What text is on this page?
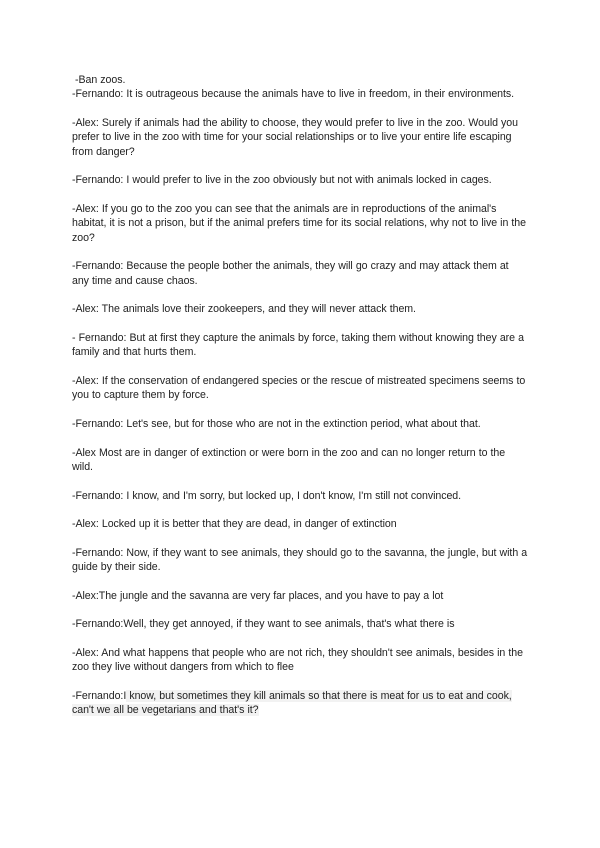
-Ban zoos.

-Fernando: It is outrageous because the animals have to live in freedom, in their environments.

-Alex: Surely if animals had the ability to choose, they would prefer to live in the zoo. Would you prefer to live in the zoo with time for your social relationships or to live your entire life escaping from danger?

-Fernando: I would prefer to live in the zoo obviously but not with animals locked in cages.

-Alex: If you go to the zoo you can see that the animals are in reproductions of the animal's habitat, it is not a prison, but if the animal prefers time for its social relations, why not to live in the zoo?

-Fernando: Because the people bother the animals, they will go crazy and may attack them at any time and cause chaos.

-Alex: The animals love their zookeepers, and they will never attack them.

- Fernando: But at first they capture the animals by force, taking them without knowing they are a family and that hurts them.

-Alex: If the conservation of endangered species or the rescue of mistreated specimens seems to you to capture them by force.

-Fernando: Let's see, but for those who are not in the extinction period, what about that.

-Alex Most are in danger of extinction or were born in the zoo and can no longer return to the wild.

-Fernando: I know, and I'm sorry, but locked up, I don't know, I'm still not convinced.

-Alex: Locked up it is better that they are dead, in danger of extinction

-Fernando: Now, if they want to see animals, they should go to the savanna, the jungle, but with a guide by their side.

-Alex:The jungle and the savanna are very far places, and you have to pay a lot

-Fernando:Well, they get annoyed, if they want to see animals, that's what there is

-Alex: And what happens that people who are not rich, they shouldn't see animals, besides in the zoo they live without dangers from which to flee

-Fernando:I know, but sometimes they kill animals so that there is meat for us to eat and cook, can't we all be vegetarians and that's it?
